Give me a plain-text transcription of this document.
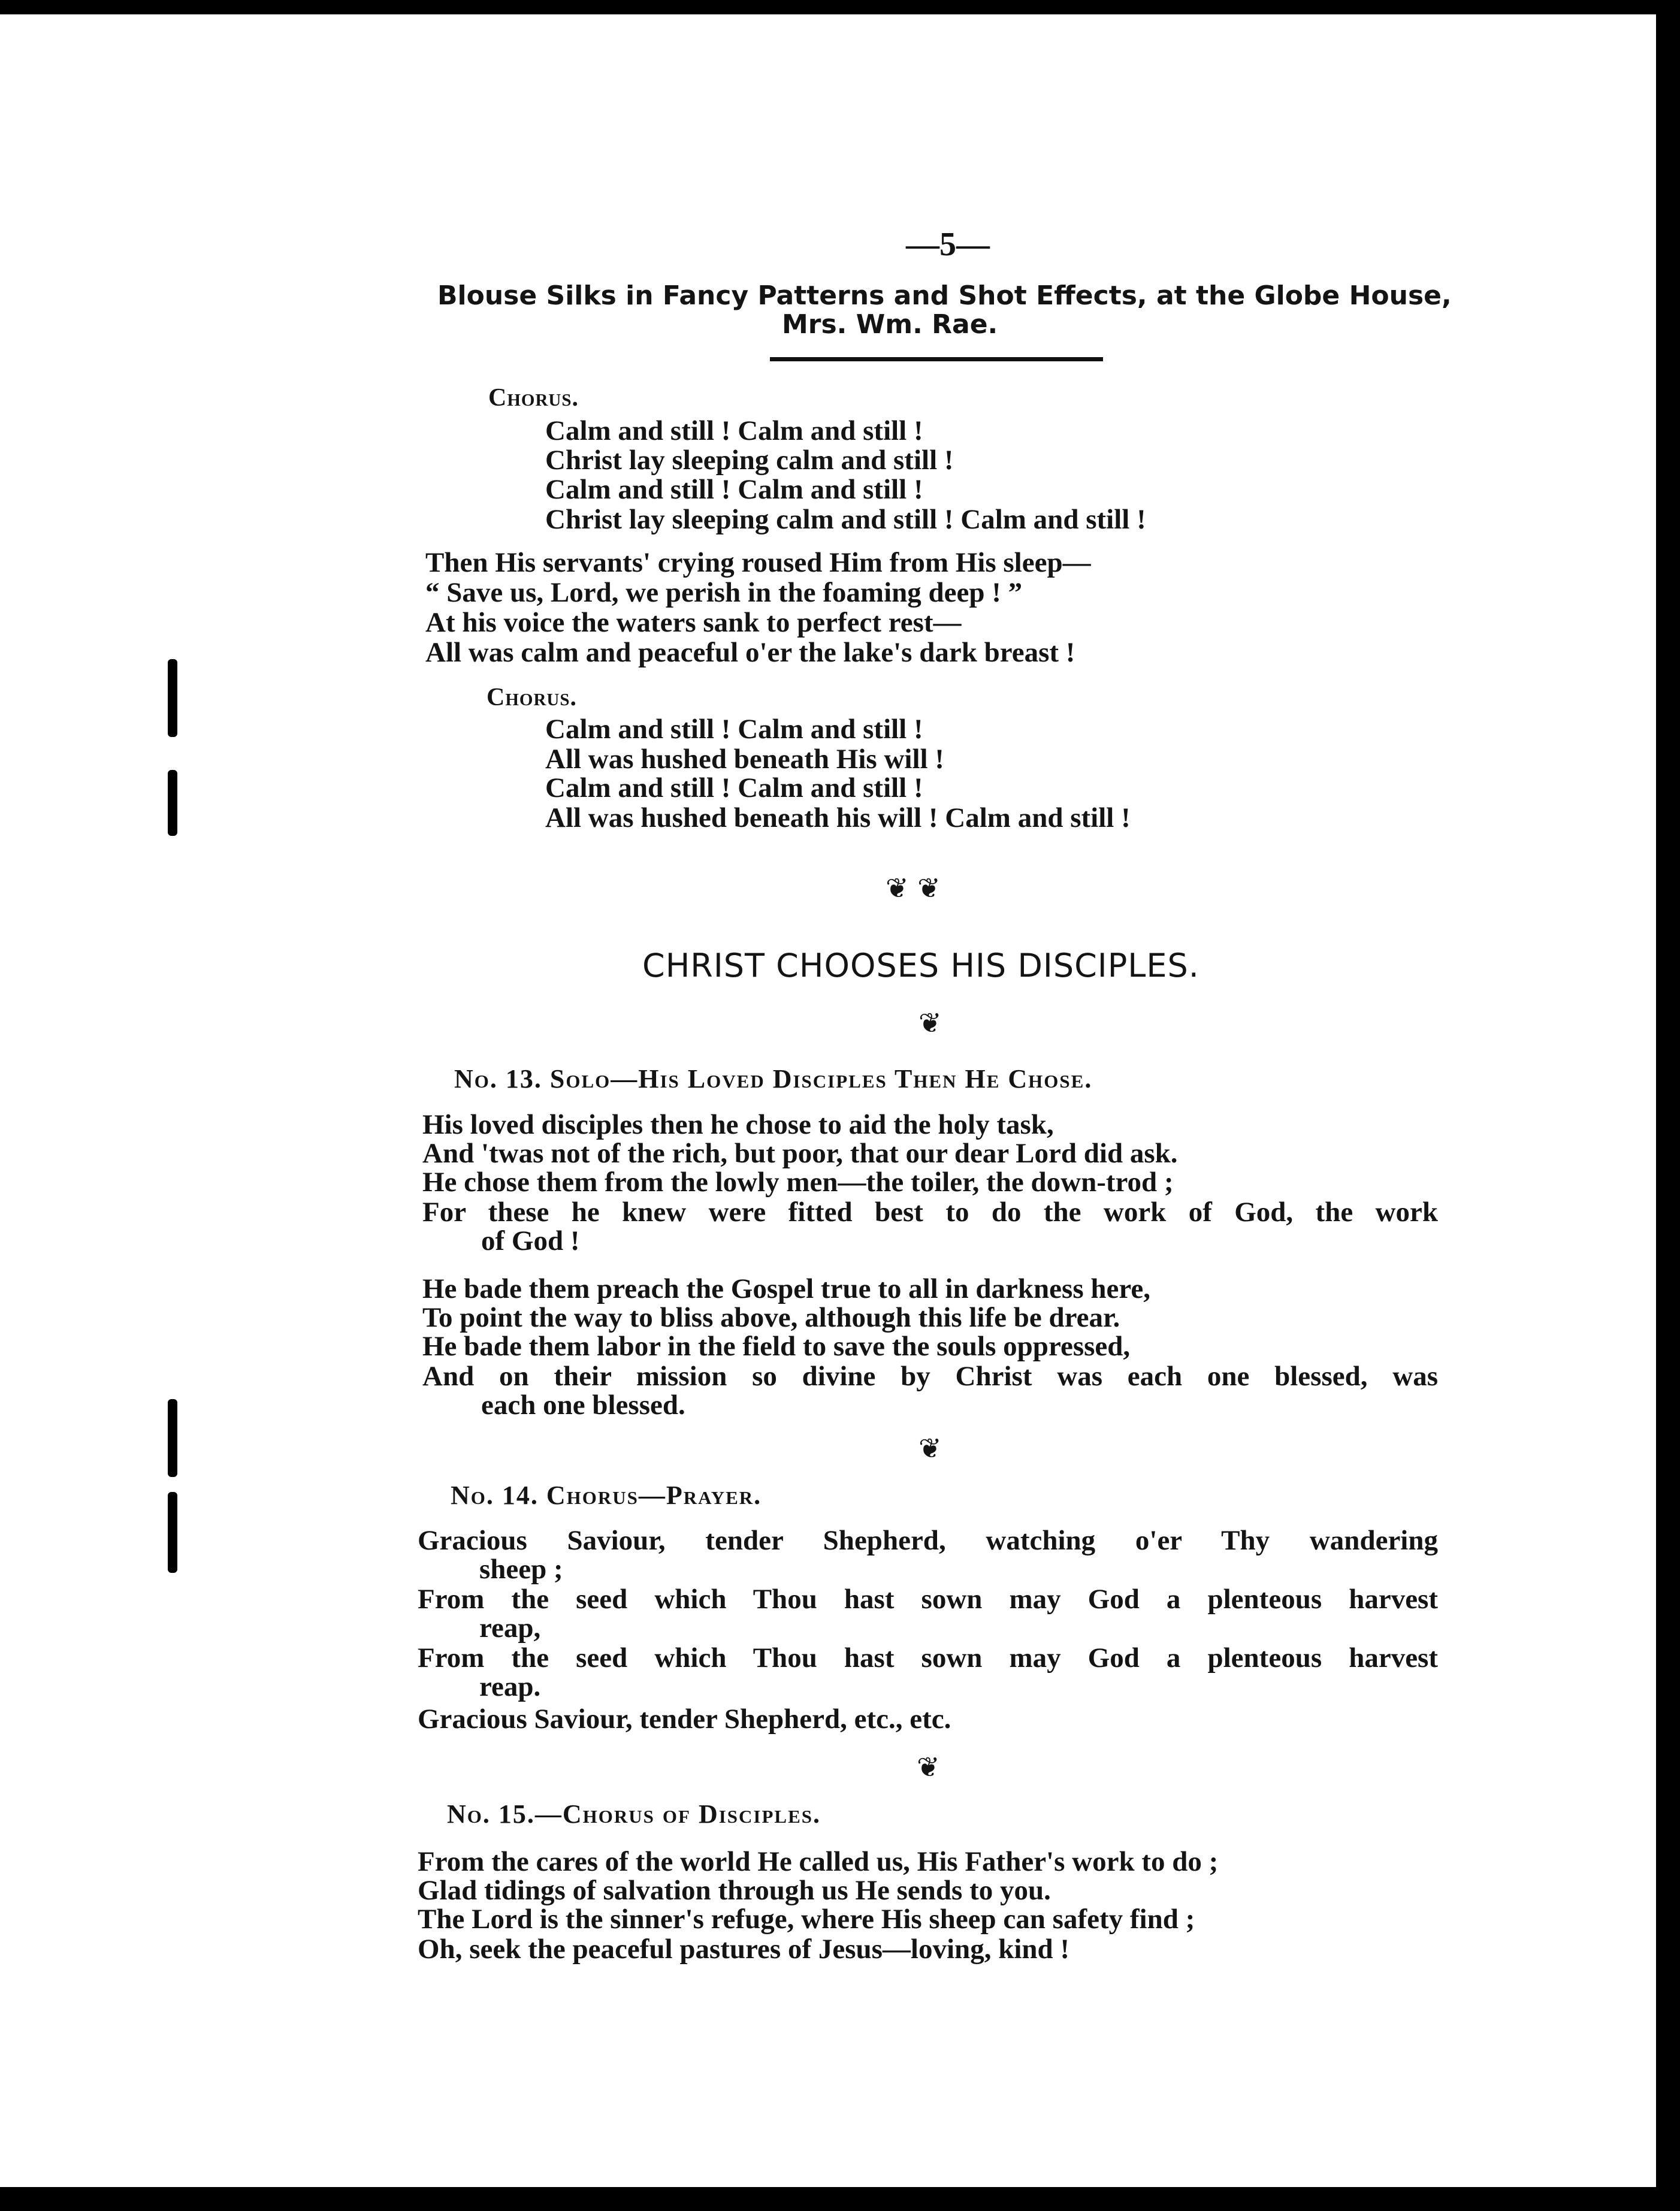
—5—
Blouse Silks in Fancy Patterns and Shot Effects, at the Globe House,
Mrs. Wm. Rae.
Chorus.
Calm and still ! Calm and still !
Christ lay sleeping calm and still !
Calm and still ! Calm and still !
Christ lay sleeping calm and still ! Calm and still !
Then His servants' crying roused Him from His sleep—
“ Save us, Lord, we perish in the foaming deep ! ”
At his voice the waters sank to perfect rest—
All was calm and peaceful o'er the lake's dark breast !
Chorus.
Calm and still ! Calm and still !
All was hushed beneath His will !
Calm and still ! Calm and still !
All was hushed beneath his will ! Calm and still !
❦ ❦
CHRIST CHOOSES HIS DISCIPLES.
❦
No. 13. Solo—His Loved Disciples Then He Chose.
His loved disciples then he chose to aid the holy task,
And 'twas not of the rich, but poor, that our dear Lord did ask.
He chose them from the lowly men—the toiler, the down-trod ;
For these he knew were fitted best to do the work of God, the work
of God !
He bade them preach the Gospel true to all in darkness here,
To point the way to bliss above, although this life be drear.
He bade them labor in the field to save the souls oppressed,
And on their mission so divine by Christ was each one blessed, was
each one blessed.
❦
No. 14. Chorus—Prayer.
Gracious Saviour, tender Shepherd, watching o'er Thy wandering
sheep ;
From the seed which Thou hast sown may God a plenteous harvest
reap,
From the seed which Thou hast sown may God a plenteous harvest
reap.
Gracious Saviour, tender Shepherd, etc., etc.
❦
No. 15.—Chorus of Disciples.
From the cares of the world He called us, His Father's work to do ;
Glad tidings of salvation through us He sends to you.
The Lord is the sinner's refuge, where His sheep can safety find ;
Oh, seek the peaceful pastures of Jesus—loving, kind !
